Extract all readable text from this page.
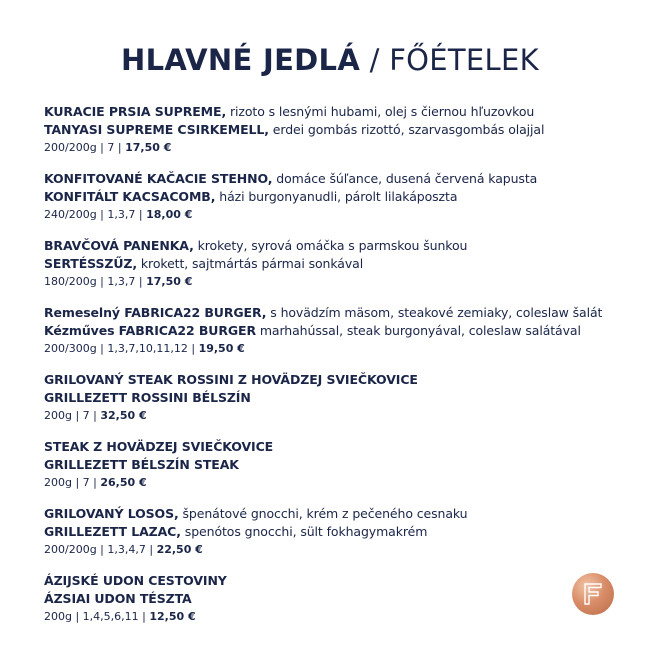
HLAVNÉ JEDLÁ / FŐÉTELEK
KURACIE PRSIA SUPREME, rizoto s lesnými hubami, olej s čiernou hľuzovkou
TANYASI SUPREME CSIRKEMELL, erdei gombás rizottó, szarvasgombás olajjal
200/200g | 7 | 17,50 €
KONFITOVANÉ KAČACIE STEHNO, domáce šúľance, dusená červená kapusta
KONFITÁLT KACSACOMB, házi burgonyanudli, párolt lilakáposzta
240/200g | 1,3,7 | 18,00 €
BRAVČOVÁ PANENKA, krokety, syrová omáčka s parmskou šunkou
SERTÉSSZŰZ, krokett, sajtmártás pármai sonkával
180/200g | 1,3,7 | 17,50 €
Remeselný FABRICA22 BURGER, s hovädzím mäsom, steakové zemiaky, coleslaw šalát
Kézműves FABRICA22 BURGER marhahússal, steak burgonyával, coleslaw salátával
200/300g | 1,3,7,10,11,12 | 19,50 €
GRILOVANÝ STEAK ROSSINI Z HOVÄDZEJ SVIEČKOVICE
GRILLEZETT ROSSINI BÉLSZÍN
200g | 7 | 32,50 €
STEAK Z HOVÄDZEJ SVIEČKOVICE
GRILLEZETT BÉLSZÍN STEAK
200g | 7 | 26,50 €
GRILOVANÝ LOSOS, špenátové gnocchi, krém z pečeného cesnaku
GRILLEZETT LAZAC, spenótos gnocchi, sült fokhagymakrém
200/200g | 1,3,4,7 | 22,50 €
ÁZIJSKÉ UDON CESTOVINY
ÁZSIAI UDON TÉSZTA
200g | 1,4,5,6,11 | 12,50 €
